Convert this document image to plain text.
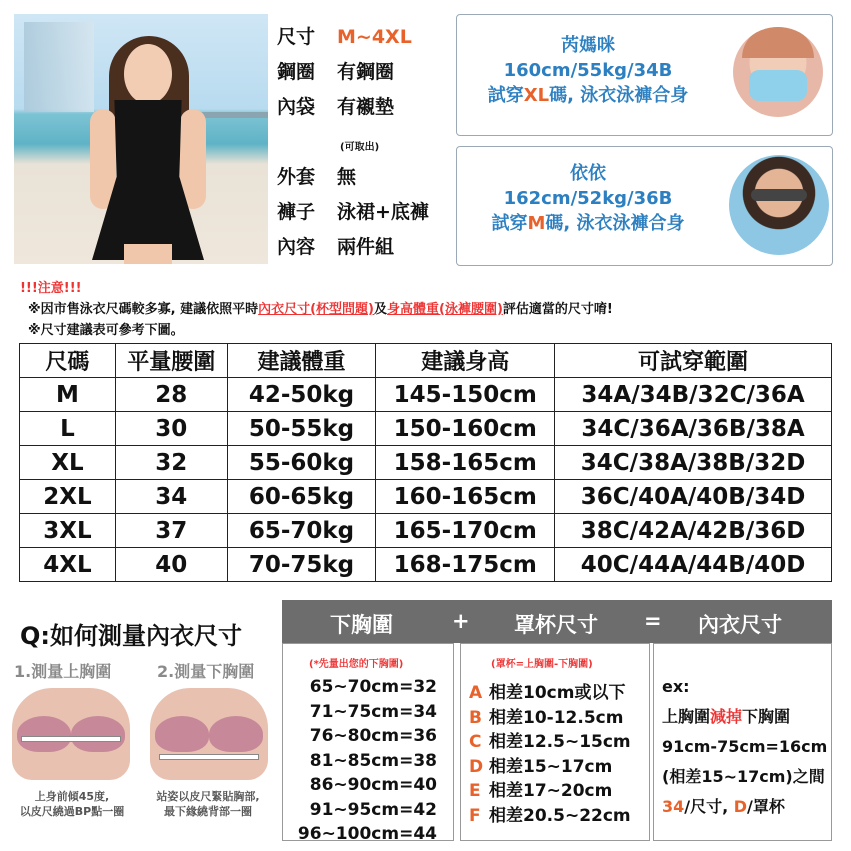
尺寸 M~4XL
鋼圈 有鋼圈
內袋 有襯墊
(可取出)
外套 無
褲子 泳裙+底褲
內容 兩件組
芮媽咪
160cm/55kg/34B
試穿XL碼, 泳衣泳褲合身
依依
162cm/52kg/36B
試穿M碼, 泳衣泳褲合身
!!!注意!!!
※因市售泳衣尺碼較多寡, 建議依照平時內衣尺寸(杯型問題)及身高體重(泳褲腰圍)評估適當的尺寸唷!
※尺寸建議表可參考下圖。
尺碼	平量腰圍	建議體重	建議身高	可試穿範圍
M	28	42-50kg	145-150cm	34A/34B/32C/36A
L	30	50-55kg	150-160cm	34C/36A/36B/38A
XL	32	55-60kg	158-165cm	34C/38A/38B/32D
2XL	34	60-65kg	160-165cm	36C/40A/40B/34D
3XL	37	65-70kg	165-170cm	38C/42A/42B/36D
4XL	40	70-75kg	168-175cm	40C/44A/44B/40D
Q:如何測量內衣尺寸
1.測量上胸圍	2.測量下胸圍
上身前傾45度,
以皮尺繞過BP點一圈
站姿以皮尺緊貼胸部,
最下緣繞背部一圈
下胸圍	+ 罩杯尺寸 = 內衣尺寸
(*先量出您的下胸圍)
65~70cm=32
71~75cm=34
76~80cm=36
81~85cm=38
86~90cm=40
91~95cm=42
96~100cm=44
(罩杯=上胸圍-下胸圍)
A 相差10cm或以下
B 相差10-12.5cm
C 相差12.5~15cm
D 相差15~17cm
E 相差17~20cm
F 相差20.5~22cm
ex:
上胸圍減掉下胸圍
91cm-75cm=16cm
(相差15~17cm)之間
34/尺寸, D/罩杯
